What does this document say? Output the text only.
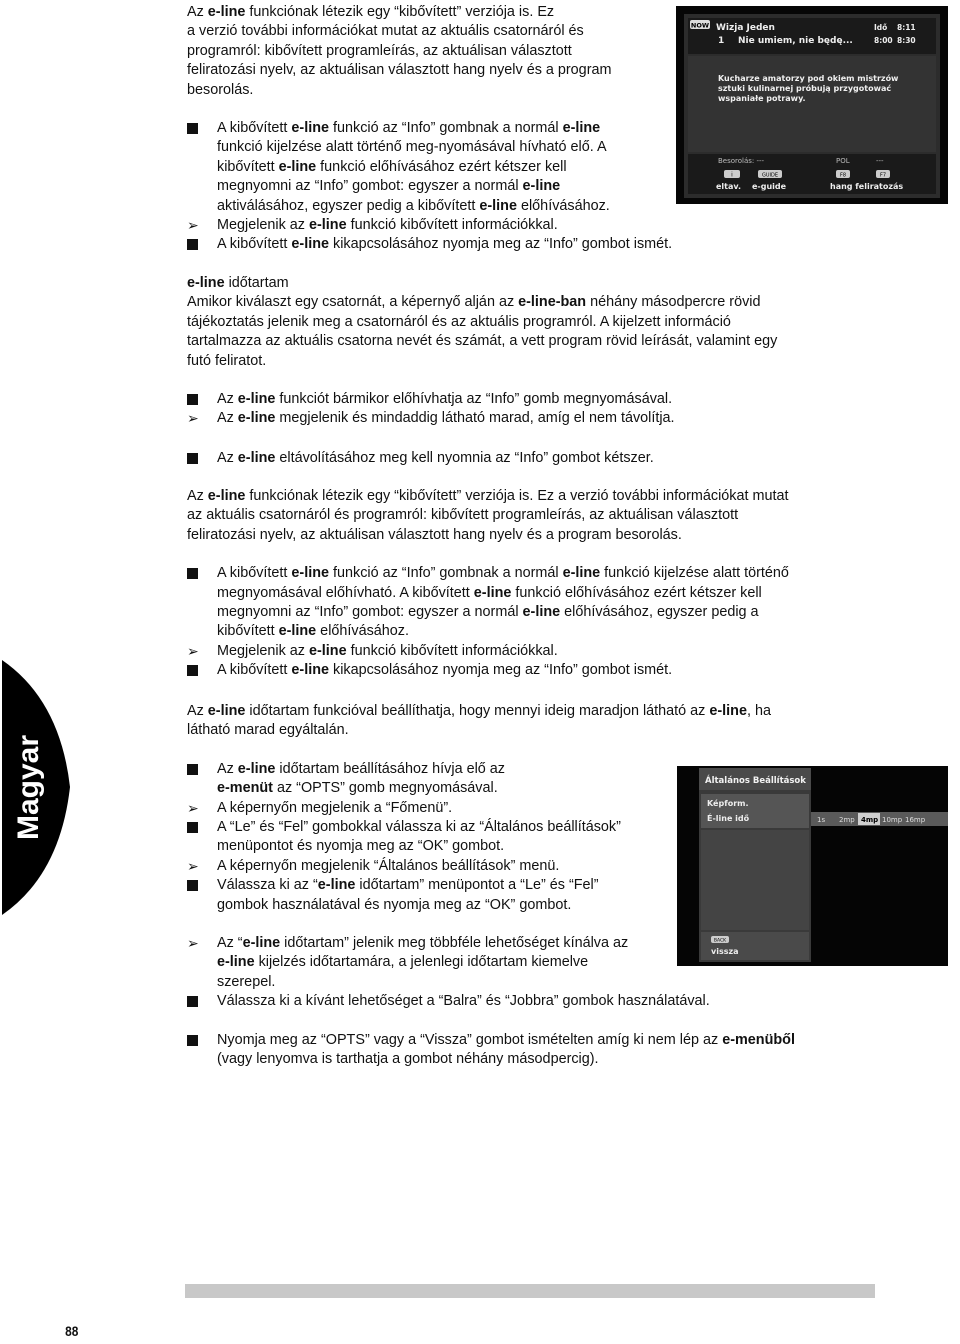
Az e-line funkciónak létezik egy “kibővített” verziója is. Ez
a verzió további információkat mutat az aktuális csatornáról és
programról: kibővített programleírás, az aktuálisan választott
feliratozási nyelv, az aktuálisan választott hang nyelv és a program
besorolás.

A kibővített e-line funkció az “Info” gombnak a normál e-line
funkció kijelzése alatt történő meg-nyomásával hívható elő. A
kibővített e-line funkció előhívásához ezért kétszer kell
megnyomni az “Info” gombot: egyszer a normál e-line
aktiválásához, egyszer pedig a kibővített e-line előhívásához.
➢	Megjelenik az e-line funkció kibővített információkkal.
A kibővített e-line kikapcsolásához nyomja meg az “Info” gombot ismét.
NOW Wizja Jeden
1 Nie umiem, nie będę...
Idő 8:11
8:00 8:30
Kucharze amatorzy pod okiem mistrzów
sztuki kulinarnej próbują przygotować
wspaniałe potrawy.
Besorolás: ---	POL	---
i	GUIDE	F8	F7
eltav. e-guide	hang feliratozás

e-line időtartam

Amikor kiválaszt egy csatornát, a képernyő alján az e-line-ban néhány másodpercre rövid
tájékoztatás jelenik meg a csatornáról és az aktuális programról. A kijelzett információ
tartalmazza az aktuális csatorna nevét és számát, a vett program rövid leírását, valamint egy
futó feliratot.

Az e-line funkciót bármikor előhívhatja az “Info” gomb megnyomásával.
➢	Az e-line megjelenik és mindaddig látható marad, amíg el nem távolítja.
Az e-line eltávolításához meg kell nyomnia az “Info” gombot kétszer.

Az e-line funkciónak létezik egy “kibővített” verziója is. Ez a verzió további információkat mutat
az aktuális csatornáról és programról: kibővített programleírás, az aktuálisan választott
feliratozási nyelv, az aktuálisan választott hang nyelv és a program besorolás.

A kibővített e-line funkció az “Info” gombnak a normál e-line funkció kijelzése alatt történő
megnyomásával előhívható. A kibővített e-line funkció előhívásához ezért kétszer kell
megnyomni az “Info” gombot: egyszer a normál e-line előhívásához, egyszer pedig a
kibővített e-line előhívásához.
➢	Megjelenik az e-line funkció kibővített információkkal.
A kibővített e-line kikapcsolásához nyomja meg az “Info” gombot ismét.

Az e-line időtartam funkcióval beállíthatja, hogy mennyi ideig maradjon látható az e-line, ha
látható marad egyáltalán.

Az e-line időtartam beállításához hívja elő az
e-menüt az “OPTS” gomb megnyomásával.
➢	A képernyőn megjelenik a “Főmenü”.
A “Le” és “Fel” gombokkal válassza ki az “Általános beállítások”
menüpontot és nyomja meg az “OK” gombot.
➢	A képernyőn megjelenik “Általános beállítások” menü.
Válassza ki az “e-line időtartam” menüpontot a “Le” és “Fel”
gombok használatával és nyomja meg az “OK” gombot.
➢	Az “e-line időtartam” jelenik meg többféle lehetőséget kínálva az
e-line kijelzés időtartamára, a jelenlegi időtartam kiemelve
szerepel.
Válassza ki a kívánt lehetőséget a “Balra” és “Jobbra” gombok használatával.
Nyomja meg az “OPTS” vagy a “Vissza” gombot ismételten amíg ki nem lép az e-menüből
(vagy lenyomva is tarthatja a gombot néhány másodpercig).
Általános Beállítások
Képform.
É-line idő	1s 2mp 4mp 10mp 16mp
BACK
vissza
Magyar
88
